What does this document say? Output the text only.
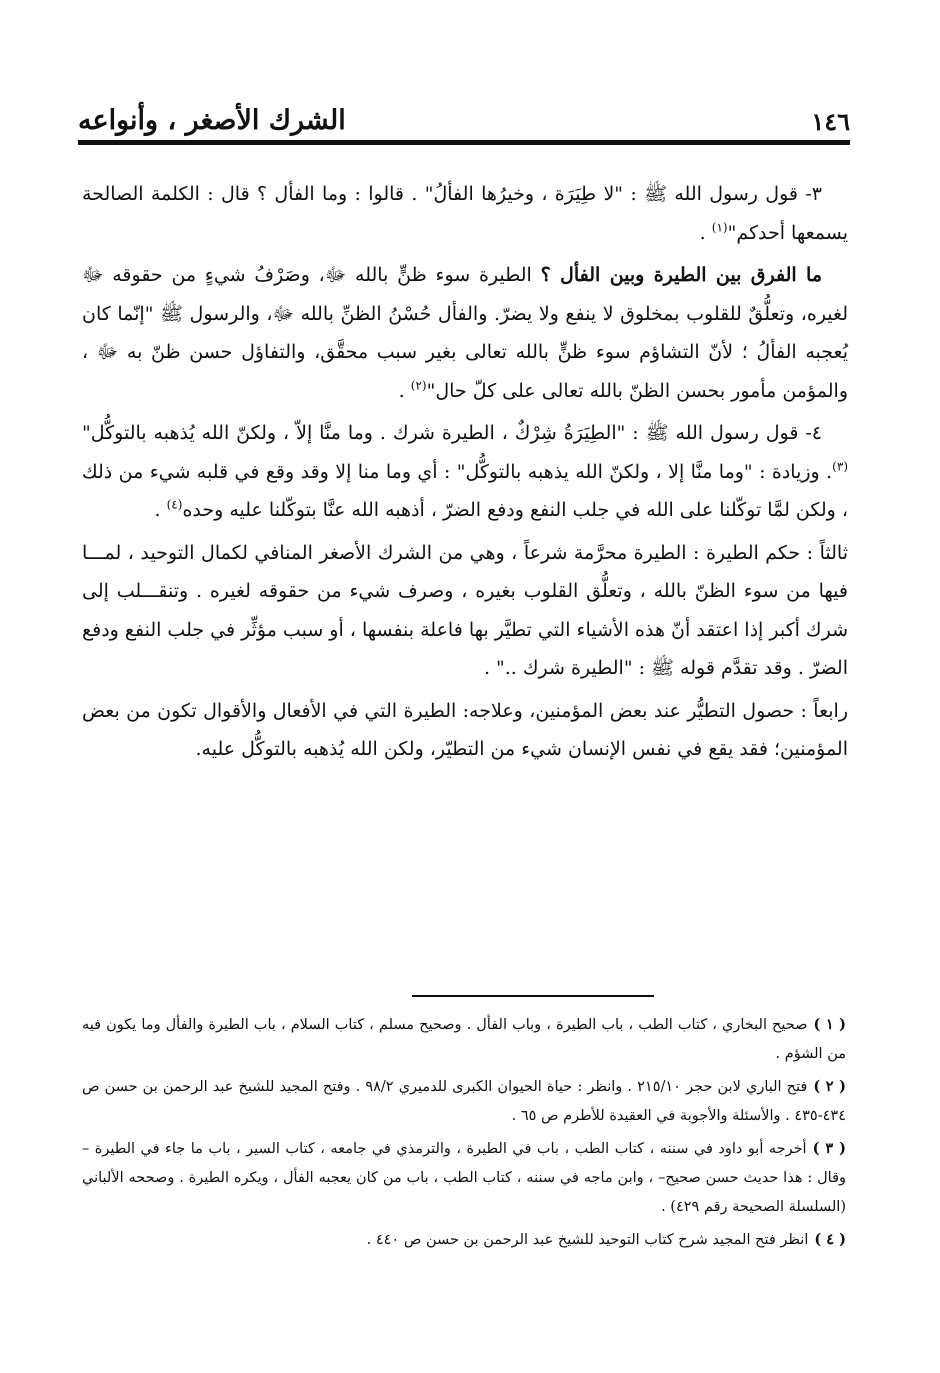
١٤٦
الشرك الأصغر ، وأنواعه

٣- قول رسول الله ﷺ : "لا طِيَرَة ، وخيرُها الفألُ" . قالوا : وما الفأل ؟ قال : الكلمة الصالحة يسمعها أحدكم"$^{(١)}$ .

ما الفرق بين الطيرة وبين الفأل ؟ الطيرة سوء ظنٍّ بالله ﷻ، وصَرْفُ شيءٍ من حقوقه ﷻ لغيره، وتعلُّقٌ للقلوب بمخلوق لا ينفع ولا يضرّ. والفأل حُسْنُ الظنِّ بالله ﷻ، والرسول ﷺ "إنّما كان يُعجبه الفألُ ؛ لأنّ التشاؤم سوء ظنٍّ بالله تعالى بغير سبب محقَّق، والتفاؤل حسن ظنّ به ﷻ ، والمؤمن مأمور بحسن الظنّ بالله تعالى على كلّ حال"$^{(٢)}$ .

٤- قول رسول الله ﷺ : "الطِيَرَةُ شِرْكٌ ، الطيرة شرك . وما منَّا إلاّ ، ولكنّ الله يُذهبه بالتوكُّل"$^{(٣)}$. وزيادة : "وما منَّا إلا ، ولكنّ الله يذهبه بالتوكُّل" : أي وما منا إلا وقد وقع في قلبه شيء من ذلك ، ولكن لمَّا توكّلنا على الله في جلب النفع ودفع الضرّ ، أذهبه الله عنَّا بتوكّلنا عليه وحده$^{(٤)}$ .

ثالثاً : حكم الطيرة : الطيرة محرَّمة شرعاً ، وهي من الشرك الأصغر المنافي لكمال التوحيد ، لمـــا فيها من سوء الظنّ بالله ، وتعلُّق القلوب بغيره ، وصرف شيء من حقوقه لغيره . وتنقـــلب إلى شرك أكبر إذا اعتقد أنّ هذه الأشياء التي تطيَّر بها فاعلة بنفسها ، أو سبب مؤثِّر في جلب النفع ودفع الضرّ . وقد تقدَّم قوله ﷺ : "الطيرة شرك .." .

رابعاً : حصول التطيُّر عند بعض المؤمنين، وعلاجه: الطيرة التي في الأفعال والأقوال تكون من بعض المؤمنين؛ فقد يقع في نفس الإنسان شيء من التطيّر، ولكن الله يُذهبه بالتوكُّل عليه.

( ١ )صحيح البخاري ، كتاب الطب ، باب الطيرة ، وباب الفأل . وصحيح مسلم ، كتاب السلام ، باب الطيرة والفأل وما يكون فيه من الشؤم .
( ٢ )فتح الباري لابن حجر ٢١٥/١٠ . وانظر : حياة الحيوان الكبرى للدميري ٩٨/٢ . وفتح المجيد للشيخ عبد الرحمن بن حسن ص ٤٣٤-٤٣٥ . والأسئلة والأجوبة في العقيدة للأطرم ص ٦٥ .
( ٣ )أخرجه أبو داود في سننه ، كتاب الطب ، باب في الطيرة ، والترمذي في جامعه ، كتاب السير ، باب ما جاء في الطيرة –وقال : هذا حديث حسن صحيح– ، وابن ماجه في سننه ، كتاب الطب ، باب من كان يعجبه الفأل ، ويكره الطيرة . وصححه الألباني (السلسلة الصحيحة رقم ٤٢٩) .
( ٤ )انظر فتح المجيد شرح كتاب التوحيد للشيخ عبد الرحمن بن حسن ص ٤٤٠ .
